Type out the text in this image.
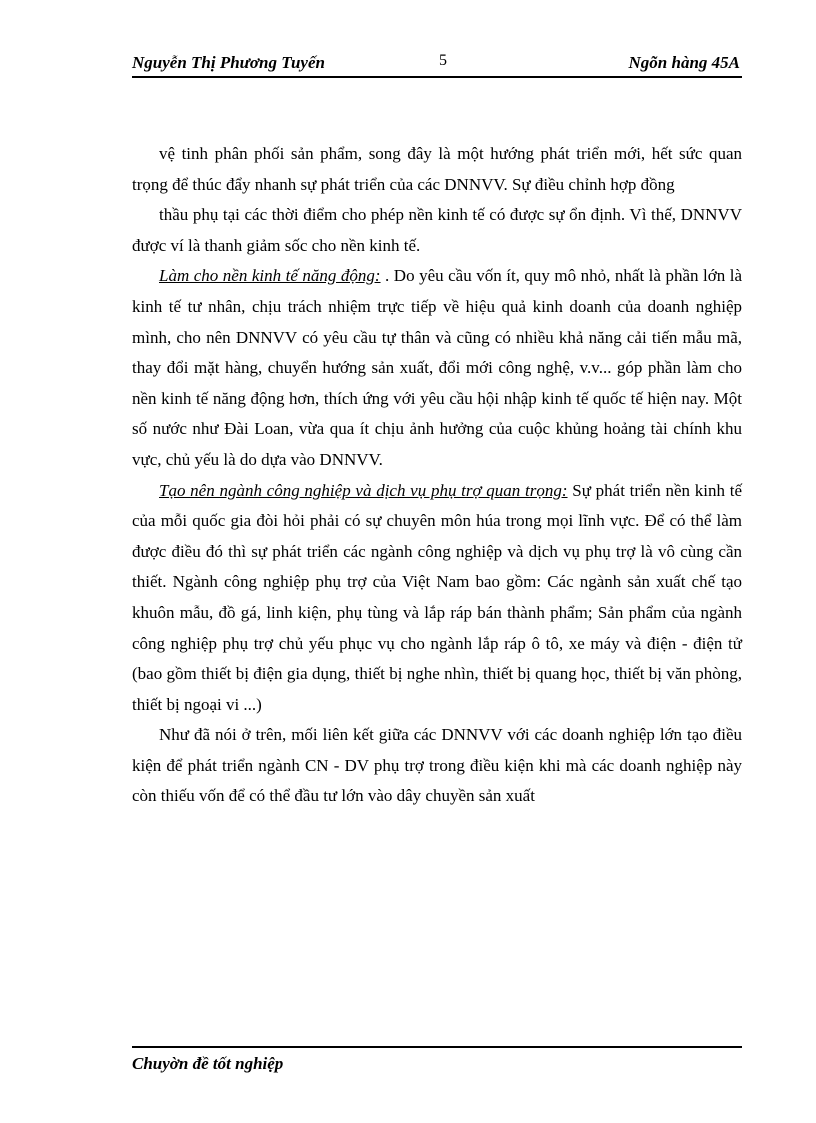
Nguyễn Thị Phương Tuyến	5	Ngõn hàng 45A

vệ tinh phân phối sản phẩm, song đây là một hướng phát triển mới, hết sức quan trọng để thúc đẩy nhanh sự phát triển của các DNNVV. Sự điều chỉnh hợp đồng

thầu phụ tại các thời điểm cho phép nền kinh tế có được sự ổn định. Vì thế, DNNVV được ví là thanh giảm sốc cho nền kinh tế.

Làm cho nền kinh tế năng động: . Do yêu cầu vốn ít, quy mô nhỏ, nhất là phần lớn là kinh tế tư nhân, chịu trách nhiệm trực tiếp về hiệu quả kinh doanh của doanh nghiệp mình, cho nên DNNVV có yêu cầu tự thân và cũng có nhiều khả năng cải tiến mẫu mã, thay đổi mặt hàng, chuyển hướng sản xuất, đổi mới công nghệ, v.v... góp phần làm cho nền kinh tế năng động hơn, thích ứng với yêu cầu hội nhập kinh tế quốc tế hiện nay. Một số nước như Đài Loan, vừa qua ít chịu ảnh hưởng của cuộc khủng hoảng tài chính khu vực, chủ yếu là do dựa vào DNNVV.

Tạo nên ngành công nghiệp và dịch vụ phụ trợ quan trọng: Sự phát triển nền kinh tế của mỗi quốc gia đòi hỏi phải có sự chuyên môn húa trong mọi lĩnh vực. Để có thể làm được điều đó thì sự phát triển các ngành công nghiệp và dịch vụ phụ trợ là vô cùng cần thiết. Ngành công nghiệp phụ trợ của Việt Nam bao gồm: Các ngành sản xuất chế tạo khuôn mẫu, đồ gá, linh kiện, phụ tùng và lắp ráp bán thành phẩm; Sản phẩm của ngành công nghiệp phụ trợ chủ yếu phục vụ cho ngành lắp ráp ô tô, xe máy và điện - điện tử (bao gồm thiết bị điện gia dụng, thiết bị nghe nhìn, thiết bị quang học, thiết bị văn phòng, thiết bị ngoại vi ...)

Như đã nói ở trên, mối liên kết giữa các DNNVV với các doanh nghiệp lớn tạo điều kiện để phát triển ngành CN - DV phụ trợ trong điều kiện khi mà các doanh nghiệp này còn thiếu vốn để có thể đầu tư lớn vào dây chuyền sản xuất

Chuyờn đề tốt nghiệp
